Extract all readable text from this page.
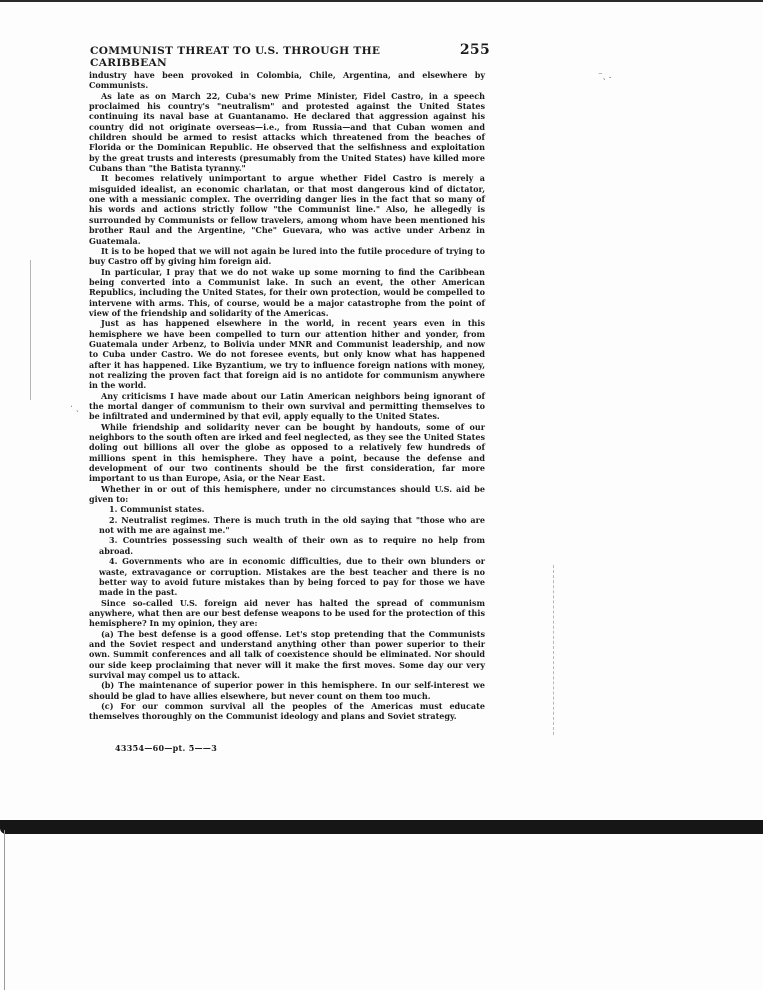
⁻ˎ .
ˑ ˎ
COMMUNIST THREAT TO U.S. THROUGH THE CARIBBEAN
255

industry have been provoked in Colombia, Chile, Argentina, and elsewhere by Communists.

As late as on March 22, Cuba's new Prime Minister, Fidel Castro, in a speech proclaimed his country's "neutralism" and protested against the United States continuing its naval base at Guantanamo. He declared that aggression against his country did not originate overseas—i.e., from Russia—and that Cuban women and children should be armed to resist attacks which threatened from the beaches of Florida or the Dominican Republic. He observed that the selfishness and exploitation by the great trusts and interests (presumably from the United States) have killed more Cubans than "the Batista tyranny."

It becomes relatively unimportant to argue whether Fidel Castro is merely a misguided idealist, an economic charlatan, or that most dangerous kind of dictator, one with a messianic complex. The overriding danger lies in the fact that so many of his words and actions strictly follow "the Communist line." Also, he allegedly is surrounded by Communists or fellow travelers, among whom have been mentioned his brother Raul and the Argentine, "Che" Guevara, who was active under Arbenz in Guatemala.

It is to be hoped that we will not again be lured into the futile procedure of trying to buy Castro off by giving him foreign aid.

In particular, I pray that we do not wake up some morning to find the Caribbean being converted into a Communist lake. In such an event, the other American Republics, including the United States, for their own protection, would be compelled to intervene with arms. This, of course, would be a major catastrophe from the point of view of the friendship and solidarity of the Americas.

Just as has happened elsewhere in the world, in recent years even in this hemisphere we have been compelled to turn our attention hither and yonder, from Guatemala under Arbenz, to Bolivia under MNR and Communist leadership, and now to Cuba under Castro. We do not foresee events, but only know what has happened after it has happened. Like Byzantium, we try to influence foreign nations with money, not realizing the proven fact that foreign aid is no antidote for communism anywhere in the world.

Any criticisms I have made about our Latin American neighbors being ignorant of the mortal danger of communism to their own survival and permitting themselves to be infiltrated and undermined by that evil, apply equally to the United States.

While friendship and solidarity never can be bought by handouts, some of our neighbors to the south often are irked and feel neglected, as they see the United States doling out billions all over the globe as opposed to a relatively few hundreds of millions spent in this hemisphere. They have a point, because the defense and development of our two continents should be the first consideration, far more important to us than Europe, Asia, or the Near East.

Whether in or out of this hemisphere, under no circumstances should U.S. aid be given to:

1. Communist states.

2. Neutralist regimes. There is much truth in the old saying that "those who are not with me are against me."

3. Countries possessing such wealth of their own as to require no help from abroad.

4. Governments who are in economic difficulties, due to their own blunders or waste, extravagance or corruption. Mistakes are the best teacher and there is no better way to avoid future mistakes than by being forced to pay for those we have made in the past.

Since so-called U.S. foreign aid never has halted the spread of communism anywhere, what then are our best defense weapons to be used for the protection of this hemisphere? In my opinion, they are:

(a) The best defense is a good offense. Let's stop pretending that the Communists and the Soviet respect and understand anything other than power superior to their own. Summit conferences and all talk of coexistence should be eliminated. Nor should our side keep proclaiming that never will it make the first moves. Some day our very survival may compel us to attack.

(b) The maintenance of superior power in this hemisphere. In our self-interest we should be glad to have allies elsewhere, but never count on them too much.

(c) For our common survival all the peoples of the Americas must educate themselves thoroughly on the Communist ideology and plans and Soviet strategy.

43354—60—pt. 5——3
